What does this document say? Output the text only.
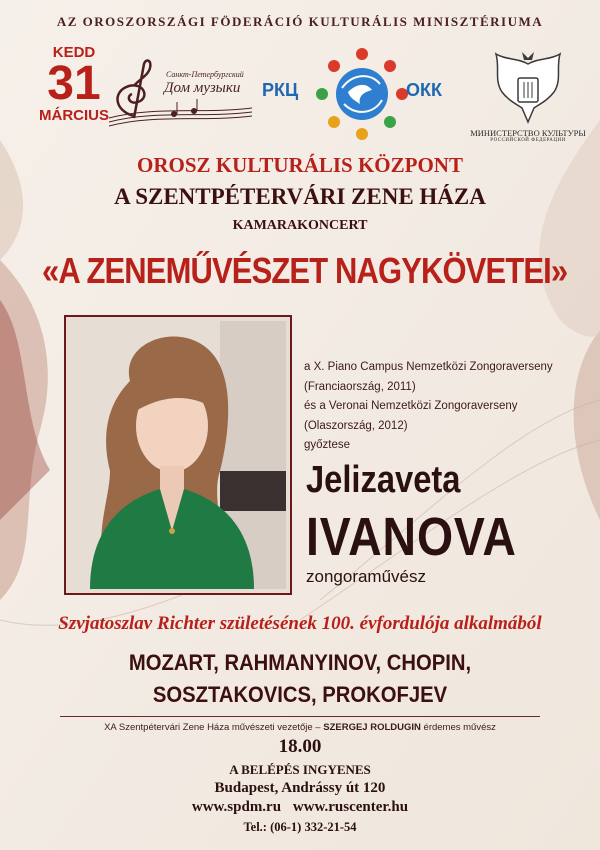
AZ OROSZORSZÁGI FÖDERÁCIÓ KULTURÁLIS MINISZTÉRIUMA
KEDD
31
MÁRCIUS
Санкт-Петербургский
Дом музыки РКЦ	ОКК
МИНИСТЕРСТВО КУЛЬТУРЫ
РОССИЙСКОЙ ФЕДЕРАЦИИ
OROSZ KULTURÁLIS KÖZPONT
A SZENTPÉTERVÁRI ZENE HÁZA
KAMARAKONCERT
«A ZENEMŰVÉSZET NAGYKÖVETEI»
a X. Piano Campus Nemzetközi Zongoraverseny
(Franciaország, 2011)
és a Veronai Nemzetközi Zongoraverseny
(Olaszország, 2012)
győztese
Jelizaveta
IVANOVA
zongoraművész
Szvjatoszlav Richter születésének 100. évfordulója alkalmából
MOZART, RAHMANYINOV, CHOPIN,
SOSZTAKOVICS, PROKOFJEV
XA Szentpétervári Zene Háza művészeti vezetője – SZERGEJ ROLDUGIN érdemes művész
18.00
A BELÉPÉS INGYENES
Budapest, Andrássy út 120
www.spdm.ru www.ruscenter.hu
Tel.: (06-1) 332-21-54
